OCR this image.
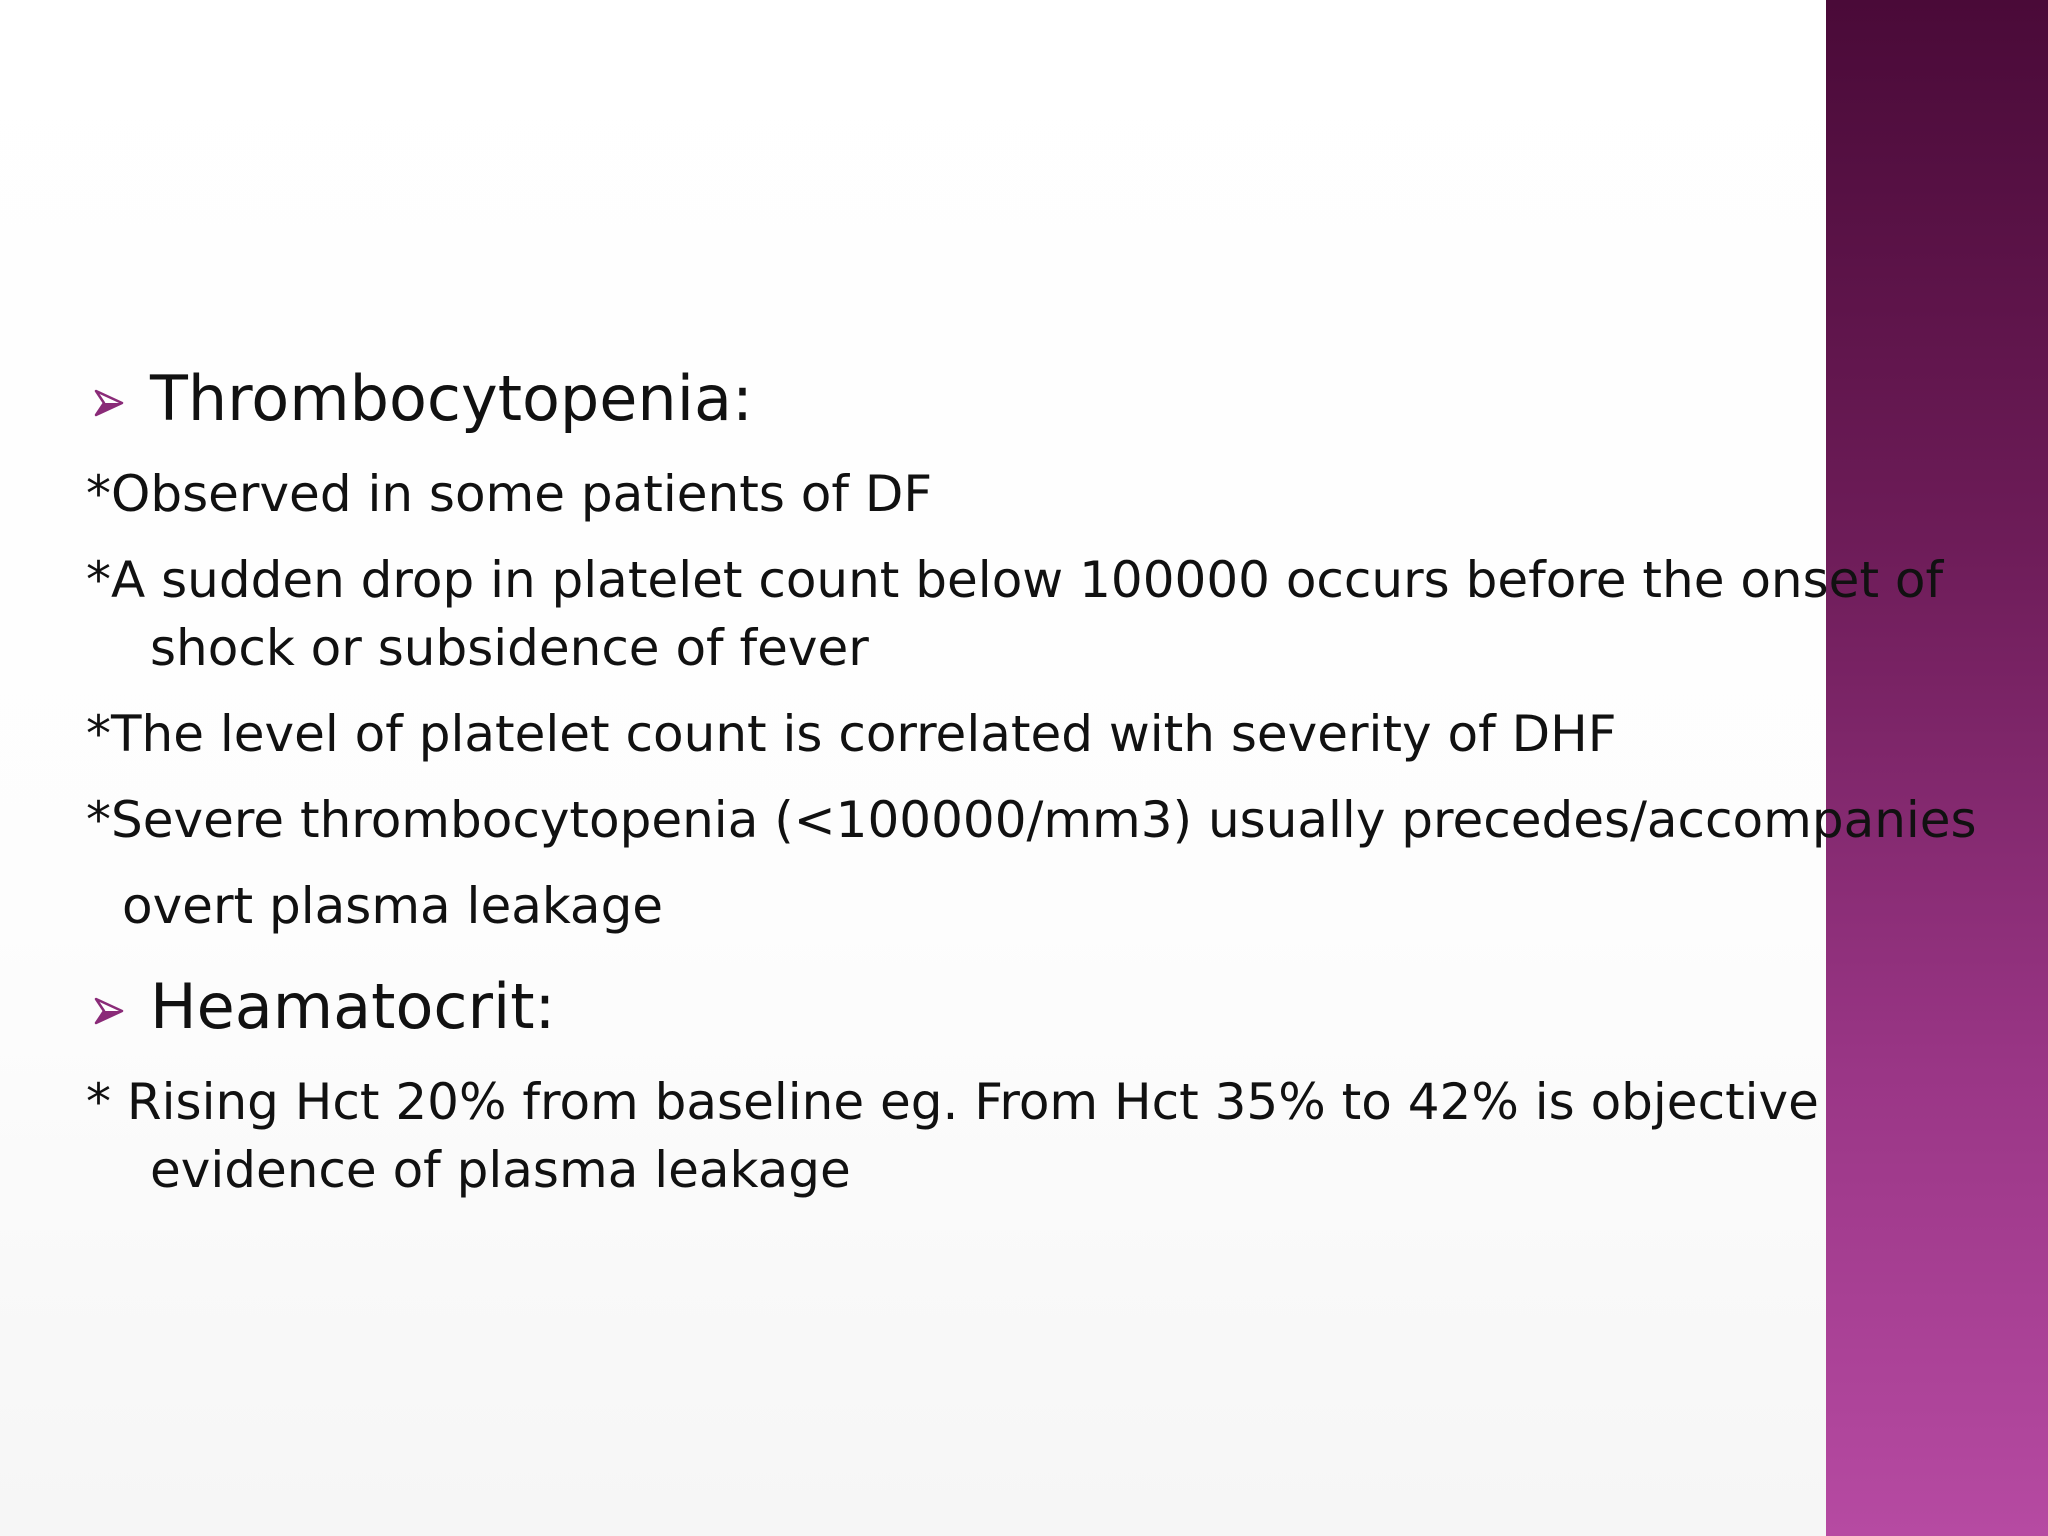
Thrombocytopenia:
*Observed in some patients of DF
*A sudden drop in platelet count below 100000 occurs before the onset of
shock or subsidence of fever
*The level of platelet count is correlated with severity of DHF
*Severe thrombocytopenia (<100000/mm3) usually precedes/accompanies
overt plasma leakage
Heamatocrit:
* Rising Hct 20% from baseline eg. From Hct 35% to 42% is objective
evidence of plasma leakage
